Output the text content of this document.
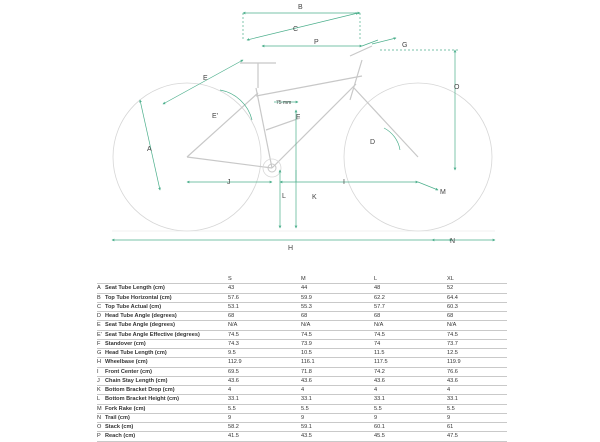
B
C
P	G
O
E
E'
75 mm
F
A
D
J	I
L	K
M
H
N
		S	M	L	XL
A	Seat Tube Length (cm)	43	44	48	52
B	Top Tube Horizontal (cm)	57.6	59.9	62.2	64.4
C	Top Tube Actual (cm)	53.1	55.3	57.7	60.3
D	Head Tube Angle (degrees)	68	68	68	68
E	Seat Tube Angle (degrees)	N/A	N/A	N/A	N/A
E'	Seat Tube Angle Effective (degrees)	74.5	74.5	74.5	74.5
F	Standover (cm)	74.3	73.9	74	73.7
G	Head Tube Length (cm)	9.5	10.5	11.5	12.5
H	Wheelbase (cm)	112.9	116.1	117.5	119.9
I	Front Center (cm)	69.5	71.8	74.2	76.6
J	Chain Stay Length (cm)	43.6	43.6	43.6	43.6
K	Bottom Bracket Drop (cm)	4	4	4	4
L	Bottom Bracket Height (cm)	33.1	33.1	33.1	33.1
M	Fork Rake (cm)	5.5	5.5	5.5	5.5
N	Trail (cm)	9	9	9	9
O	Stack (cm)	58.2	59.1	60.1	61
P	Reach (cm)	41.5	43.5	45.5	47.5
